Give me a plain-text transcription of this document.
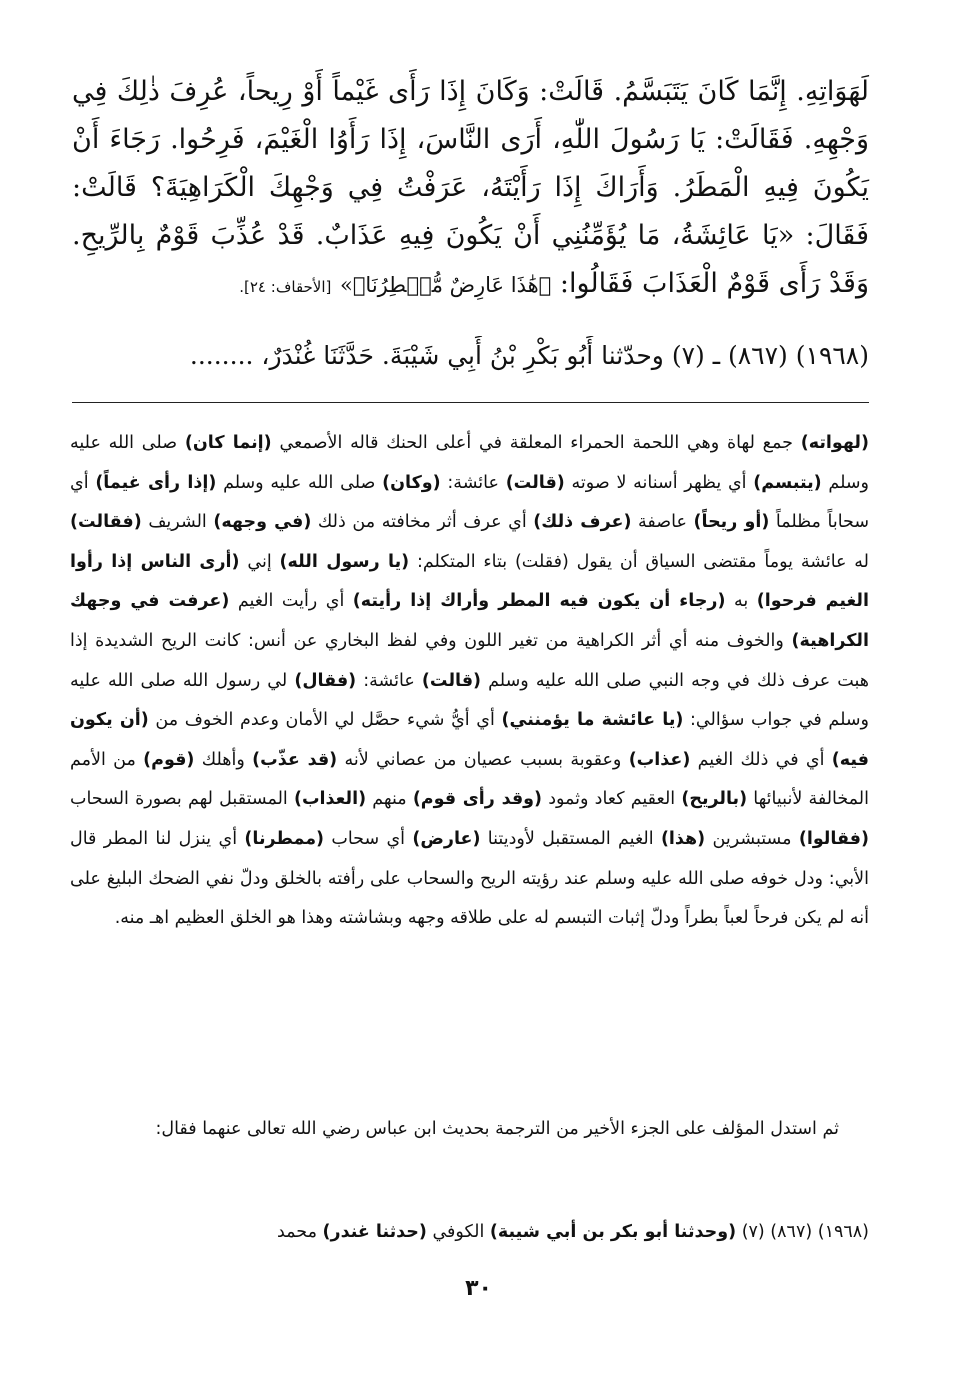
لَهَوَاتِهِ. إِنَّمَا كَانَ يَتَبَسَّمُ. قَالَتْ: وَكَانَ إِذَا رَأَى غَيْماً أَوْ رِيحاً، عُرِفَ ذٰلِكَ فِي وَجْهِهِ. فَقَالَتْ: يَا رَسُولَ اللّٰهِ، أَرَى النَّاسَ، إِذَا رَأَوُا الْغَيْمَ، فَرِحُوا. رَجَاءَ أَنْ يَكُونَ فِيهِ الْمَطَرُ. وَأَرَاكَ إِذَا رَأَيْتَهُ، عَرَفْتُ فِي وَجْهِكَ الْكَرَاهِيَةَ؟ قَالَتْ: فَقَالَ: «يَا عَائِشَةُ، مَا يُؤَمِّنُنِي أَنْ يَكُونَ فِيهِ عَذَابٌ. قَدْ عُذِّبَ قَوْمٌ بِالرِّيحِ. وَقَدْ رَأَى قَوْمٌ الْعَذَابَ فَقَالُوا: ﴿هَٰذَا عَارِضٌ مُّمۡطِرُنَا﴾» [الأحقاف: ٢٤].

(١٩٦٨) (٨٦٧) ـ (٧) وحدّثنا أَبُو بَكْرِ بْنُ أَبِي شَيْبَةَ. حَدَّثَنَا غُنْدَرٌ، ........

(لهواته) جمع لهاة وهي اللحمة الحمراء المعلقة في أعلى الحنك قاله الأصمعي (إنما كان) صلى الله عليه وسلم (يتبسم) أي يظهر أسنانه لا صوته (قالت) عائشة: (وكان) صلى الله عليه وسلم (إذا رأى غيماً) أي سحاباً مظلماً (أو ريحاً) عاصفة (عرف ذلك) أي عرف أثر مخافته من ذلك (في وجهه) الشريف (فقالت) له عائشة يوماً مقتضى السياق أن يقول (فقلت) بتاء المتكلم: (يا رسول الله) إني (أرى الناس إذا رأوا الغيم فرحوا) به (رجاء أن يكون فيه المطر وأراك إذا رأيته) أي رأيت الغيم (عرفت في وجهك الكراهية) والخوف منه أي أثر الكراهية من تغير اللون وفي لفظ البخاري عن أنس: كانت الريح الشديدة إذا هبت عرف ذلك في وجه النبي صلى الله عليه وسلم (قالت) عائشة: (فقال) لي رسول الله صلى الله عليه وسلم في جواب سؤالي: (يا عائشة ما يؤمنني) أي أيُّ شيء حصَّل لي الأمان وعدم الخوف من (أن يكون فيه) أي في ذلك الغيم (عذاب) وعقوبة بسبب عصيان من عصاني لأنه (قد عذّب) وأهلك (قوم) من الأمم المخالفة لأنبيائها (بالريح) العقيم كعاد وثمود (وقد رأى قوم) منهم (العذاب) المستقبل لهم بصورة السحاب (فقالوا) مستبشرين (هذا) الغيم المستقبل لأوديتنا (عارض) أي سحاب (ممطرنا) أي ينزل لنا المطر قال الأبي: ودل خوفه صلى الله عليه وسلم عند رؤيته الريح والسحاب على رأفته بالخلق ودلّ نفي الضحك البليغ على أنه لم يكن فرحاً لعباً بطراً ودلّ إثبات التبسم له على طلاقه وجهه وبشاشته وهذا هو الخلق العظيم اهـ منه.

ثم استدل المؤلف على الجزء الأخير من الترجمة بحديث ابن عباس رضي الله تعالى عنهما فقال:

(١٩٦٨) (٨٦٧) (٧) (وحدثنا أبو بكر بن أبي شيبة) الكوفي (حدثنا غندر) محمد
٣٠
